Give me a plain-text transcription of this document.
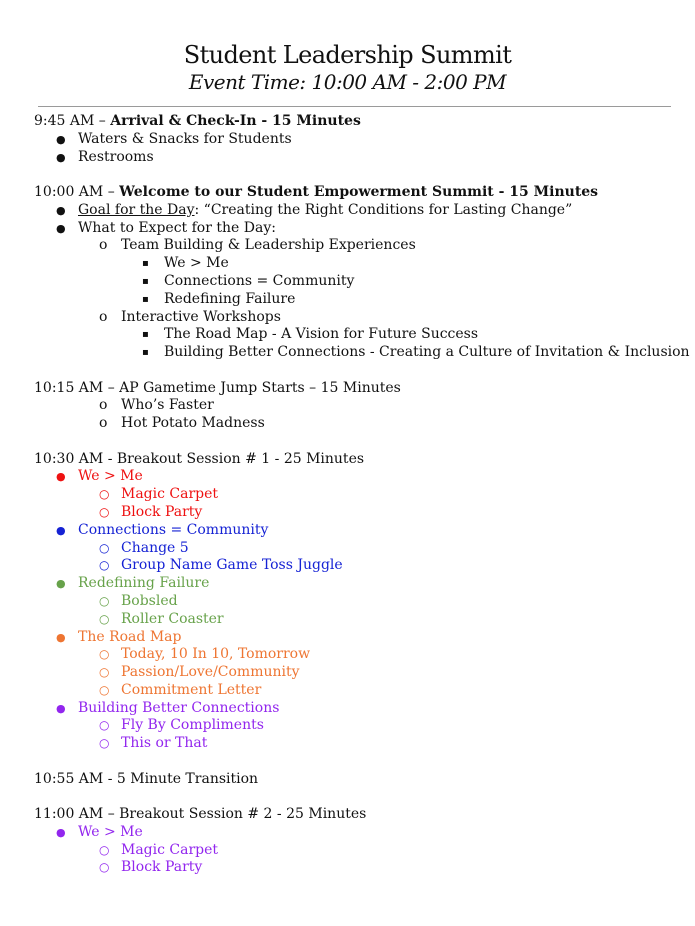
Student Leadership Summit
Event Time: 10:00 AM - 2:00 PM
9:45 AM – Arrival & Check-In - 15 Minutes
● Waters & Snacks for Students
● Restrooms
10:00 AM – Welcome to our Student Empowerment Summit - 15 Minutes
● Goal for the Day: “Creating the Right Conditions for Lasting Change”
● What to Expect for the Day:
o Team Building & Leadership Experiences
▪ We > Me
▪ Connections = Community
▪ Redefining Failure
o Interactive Workshops
▪ The Road Map - A Vision for Future Success
▪ Building Better Connections - Creating a Culture of Invitation & Inclusion
10:15 AM – AP Gametime Jump Starts – 15 Minutes
o Who’s Faster
o Hot Potato Madness
10:30 AM - Breakout Session # 1 - 25 Minutes
● We > Me
○ Magic Carpet
○ Block Party
● Connections = Community
○ Change 5
○ Group Name Game Toss Juggle
● Redefining Failure
○ Bobsled
○ Roller Coaster
● The Road Map
○ Today, 10 In 10, Tomorrow
○ Passion/Love/Community
○ Commitment Letter
● Building Better Connections
○ Fly By Compliments
○ This or That
10:55 AM - 5 Minute Transition
11:00 AM – Breakout Session # 2 - 25 Minutes
● We > Me
○ Magic Carpet
○ Block Party
